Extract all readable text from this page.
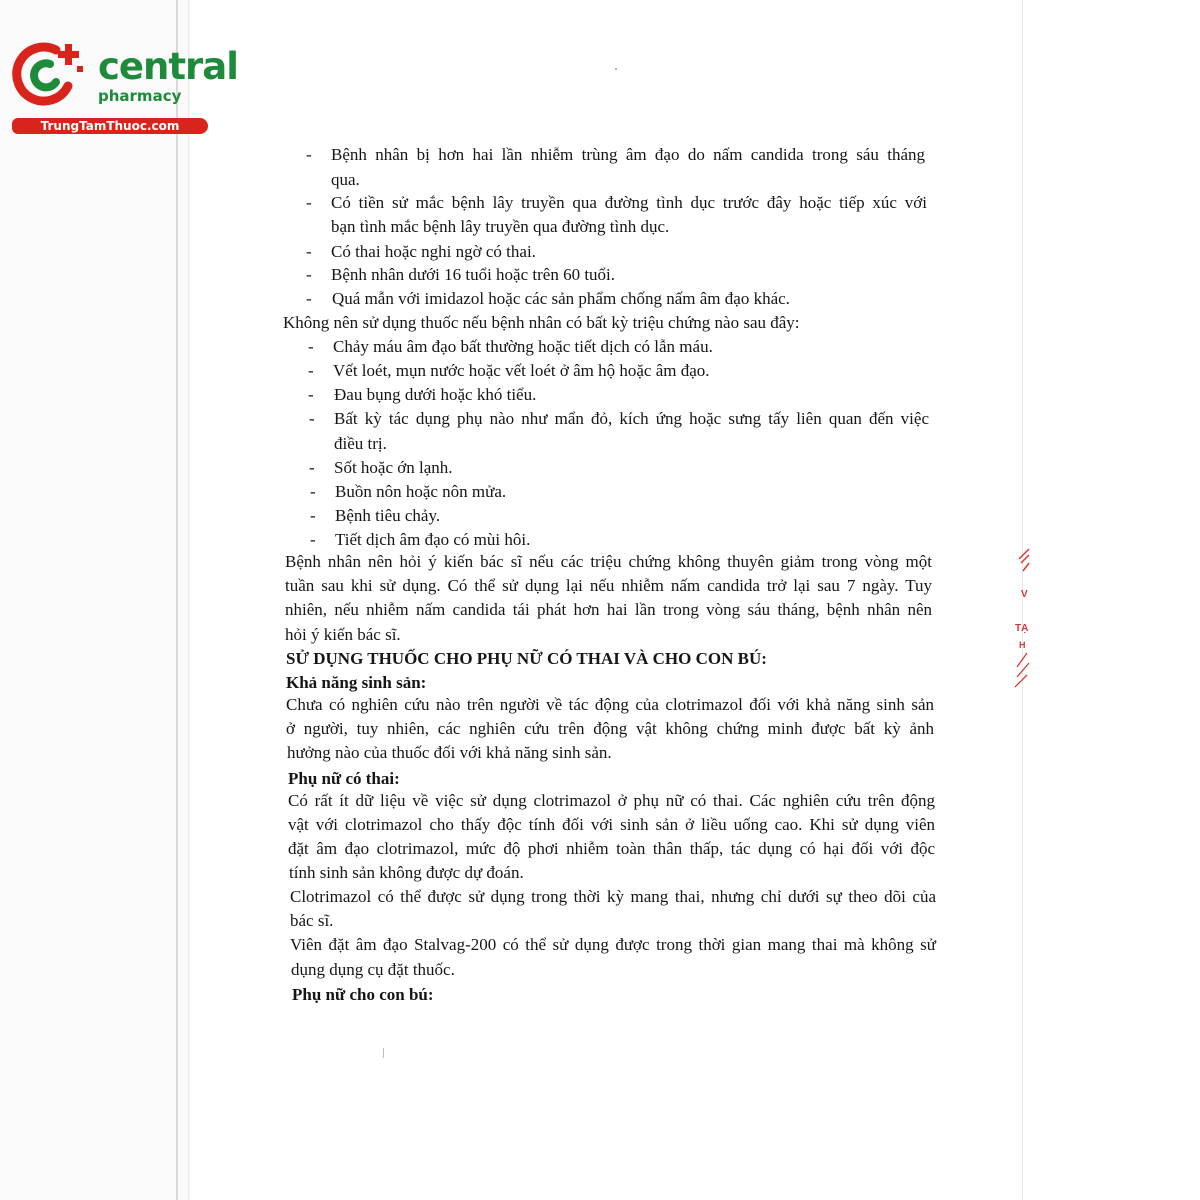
central
pharmacy
TrungTamThuoc.com
- Bệnh nhân bị hơn hai lần nhiễm trùng âm đạo do nấm candida trong sáu tháng
qua.
- Có tiền sử mắc bệnh lây truyền qua đường tình dục trước đây hoặc tiếp xúc với
bạn tình mắc bệnh lây truyền qua đường tình dục.
- Có thai hoặc nghi ngờ có thai.
- Bệnh nhân dưới 16 tuổi hoặc trên 60 tuổi.
- Quá mẫn với imidazol hoặc các sản phẩm chống nấm âm đạo khác.
Không nên sử dụng thuốc nếu bệnh nhân có bất kỳ triệu chứng nào sau đây:
- Chảy máu âm đạo bất thường hoặc tiết dịch có lẫn máu.
- Vết loét, mụn nước hoặc vết loét ở âm hộ hoặc âm đạo.
- Đau bụng dưới hoặc khó tiểu.
- Bất kỳ tác dụng phụ nào như mẩn đỏ, kích ứng hoặc sưng tấy liên quan đến việc
điều trị.
- Sốt hoặc ớn lạnh.
- Buồn nôn hoặc nôn mửa.
- Bệnh tiêu chảy.
- Tiết dịch âm đạo có mùi hôi.
Bệnh nhân nên hỏi ý kiến bác sĩ nếu các triệu chứng không thuyên giảm trong vòng một
tuần sau khi sử dụng. Có thể sử dụng lại nếu nhiễm nấm candida trở lại sau 7 ngày. Tuy
nhiên, nếu nhiễm nấm candida tái phát hơn hai lần trong vòng sáu tháng, bệnh nhân nên
hỏi ý kiến bác sĩ.
SỬ DỤNG THUỐC CHO PHỤ NỮ CÓ THAI VÀ CHO CON BÚ:
Khả năng sinh sản:
Chưa có nghiên cứu nào trên người về tác động của clotrimazol đối với khả năng sinh sản
ở người, tuy nhiên, các nghiên cứu trên động vật không chứng minh được bất kỳ ảnh
hưởng nào của thuốc đối với khả năng sinh sản.
Phụ nữ có thai:
Có rất ít dữ liệu về việc sử dụng clotrimazol ở phụ nữ có thai. Các nghiên cứu trên động
vật với clotrimazol cho thấy độc tính đối với sinh sản ở liều uống cao. Khi sử dụng viên
đặt âm đạo clotrimazol, mức độ phơi nhiễm toàn thân thấp, tác dụng có hại đối với độc
tính sinh sản không được dự đoán.
Clotrimazol có thể được sử dụng trong thời kỳ mang thai, nhưng chỉ dưới sự theo dõi của
bác sĩ.
Viên đặt âm đạo Stalvag-200 có thể sử dụng được trong thời gian mang thai mà không sử
dụng dụng cụ đặt thuốc.
Phụ nữ cho con bú:
V
TẠ
H
